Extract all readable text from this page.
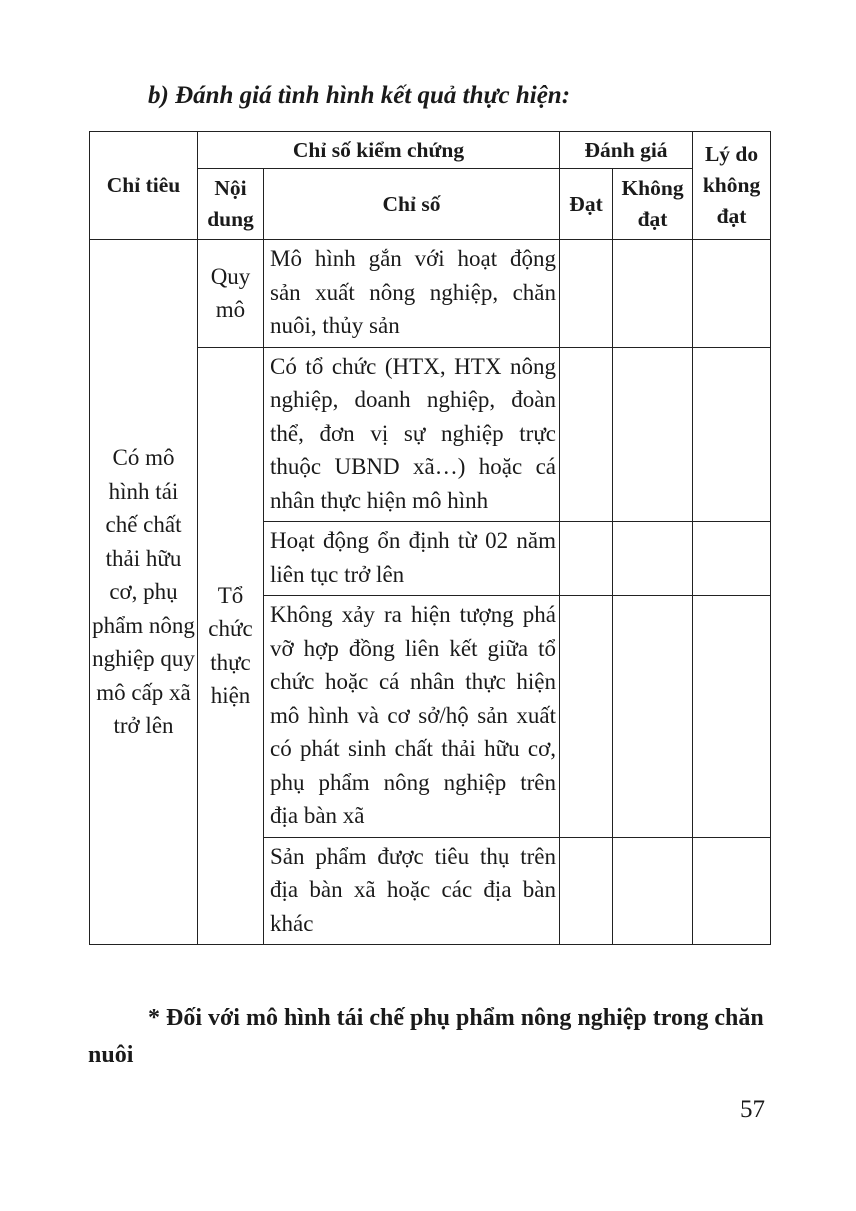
b) Đánh giá tình hình kết quả thực hiện:
Chỉ tiêu	Chỉ số kiểm chứng		Đánh giá		Lý do không đạt
	Nội dung	Chỉ số	Đạt	Không đạt	
Có mô hình tái chế chất thải hữu cơ, phụ phẩm nông nghiệp quy mô cấp xã trở lên	Quy mô	Mô hình gắn với hoạt động sản xuất nông nghiệp, chăn nuôi, thủy sản			
	Tổ chức thực hiện	Có tổ chức (HTX, HTX nông nghiệp, doanh nghiệp, đoàn thể, đơn vị sự nghiệp trực thuộc UBND xã…) hoặc cá nhân thực hiện mô hình			
		Hoạt động ổn định từ 02 năm liên tục trở lên			
		Không xảy ra hiện tượng phá vỡ hợp đồng liên kết giữa tổ chức hoặc cá nhân thực hiện mô hình và cơ sở/hộ sản xuất có phát sinh chất thải hữu cơ, phụ phẩm nông nghiệp trên địa bàn xã			
		Sản phẩm được tiêu thụ trên địa bàn xã hoặc các địa bàn khác			

* Đối với mô hình tái chế phụ phẩm nông nghiệp trong chăn nuôi

57
